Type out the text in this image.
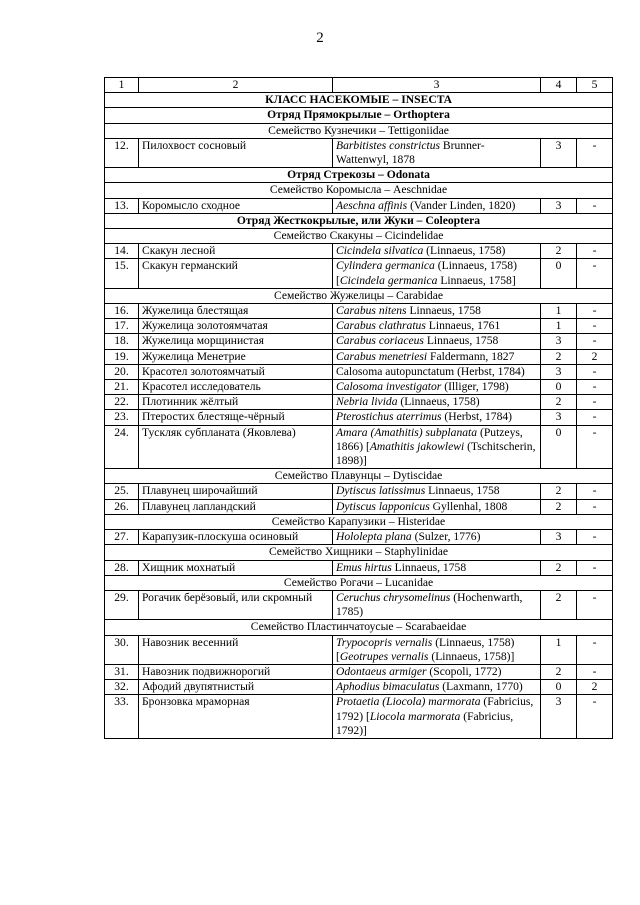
2
1	2	3	4	5
КЛАСС НАСЕКОМЫЕ – INSECTA				
Отряд Прямокрылые – Orthoptera				
Семейство Кузнечики – Tettigoniidae				
12.	Пилохвост сосновый	Barbitistes constrictus Brunner-Wattenwyl, 1878	3	-
Отряд Стрекозы – Odonata				
Семейство Коромысла – Aeschnidae				
13.	Коромысло сходное	Aeschna affinis (Vander Linden, 1820)	3	-
Отряд Жесткокрылые, или Жуки – Coleoptera				
Семейство Скакуны – Cicindelidae				
14.	Скакун лесной	Cicindela silvatica (Linnaeus, 1758)	2	-
15.	Скакун германский	Cylindera germanica (Linnaeus, 1758) [Cicindela germanica Linnaeus, 1758]	0	-
Семейство Жужелицы – Carabidae				
16.	Жужелица блестящая	Carabus nitens Linnaeus, 1758	1	-
17.	Жужелица золотоямчатая	Carabus clathratus Linnaeus, 1761	1	-
18.	Жужелица морщинистая	Carabus coriaceus Linnaeus, 1758	3	-
19.	Жужелица Менетрие	Carabus menetriesi Faldermann, 1827	2	2
20.	Красотел золотоямчатый	Calosoma autopunctatum (Herbst, 1784)	3	-
21.	Красотел исследователь	Calosoma investigator (Illiger, 1798)	0	-
22.	Плотинник жёлтый	Nebria livida (Linnaeus, 1758)	2	-
23.	Птеростих блестяще-чёрный	Pterostichus aterrimus (Herbst, 1784)	3	-
24.	Тускляк субпланата (Яковлева)	Amara (Amathitis) subplanata (Putzeys, 1866) [Amathitis jakowlewi (Tschitscherin, 1898)]	0	-
Семейство Плавунцы – Dytiscidae				
25.	Плавунец широчайший	Dytiscus latissimus Linnaeus, 1758	2	-
26.	Плавунец лапландский	Dytiscus lapponicus Gyllenhal, 1808	2	-
Семейство Карапузики – Histeridae				
27.	Карапузик-плоскуша осиновый	Hololepta plana (Sulzer, 1776)	3	-
Семейство Хищники – Staphylinidae				
28.	Хищник мохнатый	Emus hirtus Linnaeus, 1758	2	-
Семейство Рогачи – Lucanidae				
29.	Рогачик берёзовый, или скромный	Ceruchus chrysomelinus (Hochenwarth, 1785)	2	-
Семейство Пластинчатоусые – Scarabaeidae				
30.	Навозник весенний	Trypocopris vernalis (Linnaeus, 1758) [Geotrupes vernalis (Linnaeus, 1758)]	1	-
31.	Навозник подвижнорогий	Odontaeus armiger (Scopoli, 1772)	2	-
32.	Афодий двупятнистый	Aphodius bimaculatus (Laxmann, 1770)	0	2
33.	Бронзовка мраморная	Protaetia (Liocola) marmorata (Fabricius, 1792) [Liocola marmorata (Fabricius, 1792)]	3	-
